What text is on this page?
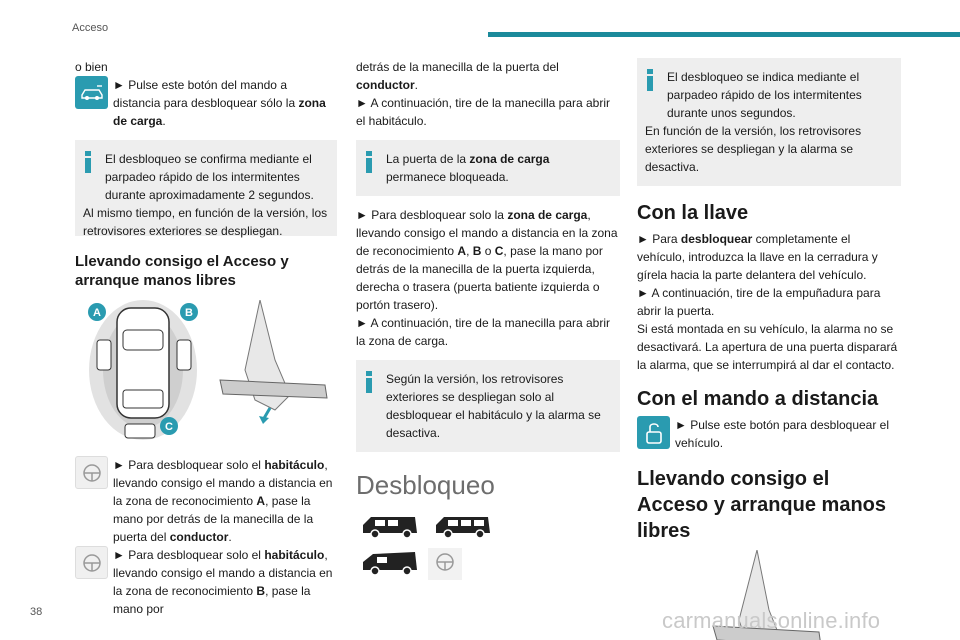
Acceso

o bien

► Pulse este botón del mando a distancia para desbloquear sólo la zona de carga.

El desbloqueo se confirma mediante el parpadeo rápido de los intermitentes durante aproximadamente 2 segundos.

Al mismo tiempo, en función de la versión, los retrovisores exteriores se despliegan.

Llevando consigo el Acceso y arranque manos libres
A	B
C

► Para desbloquear solo el habitáculo, llevando consigo el mando a distancia en la zona de reconocimiento A, pase la mano por detrás de la manecilla de la puerta del conductor.

► Para desbloquear solo el habitáculo, llevando consigo el mando a distancia en la zona de reconocimiento B, pase la mano por

detrás de la manecilla de la puerta del conductor.

► A continuación, tire de la manecilla para abrir el habitáculo.

La puerta de la zona de carga permanece bloqueada.

► Para desbloquear solo la zona de carga, llevando consigo el mando a distancia en la zona de reconocimiento A, B o C, pase la mano por detrás de la manecilla de la puerta izquierda, derecha o trasera (puerta batiente izquierda o portón trasero).

► A continuación, tire de la manecilla para abrir la zona de carga.

Según la versión, los retrovisores exteriores se despliegan solo al desbloquear el habitáculo y la alarma se desactiva.

Desbloqueo

El desbloqueo se indica mediante el parpadeo rápido de los intermitentes durante unos segundos.

En función de la versión, los retrovisores exteriores se despliegan y la alarma se desactiva.

Con la llave

► Para desbloquear completamente el vehículo, introduzca la llave en la cerradura y gírela hacia la parte delantera del vehículo.

► A continuación, tire de la empuñadura para abrir la puerta.

Si está montada en su vehículo, la alarma no se desactivará. La apertura de una puerta disparará la alarma, que se interrumpirá al dar el contacto.

Con el mando a distancia

► Pulse este botón para desbloquear el vehículo.

Llevando consigo el Acceso y arranque manos libres
38	carmanualsonline.info
